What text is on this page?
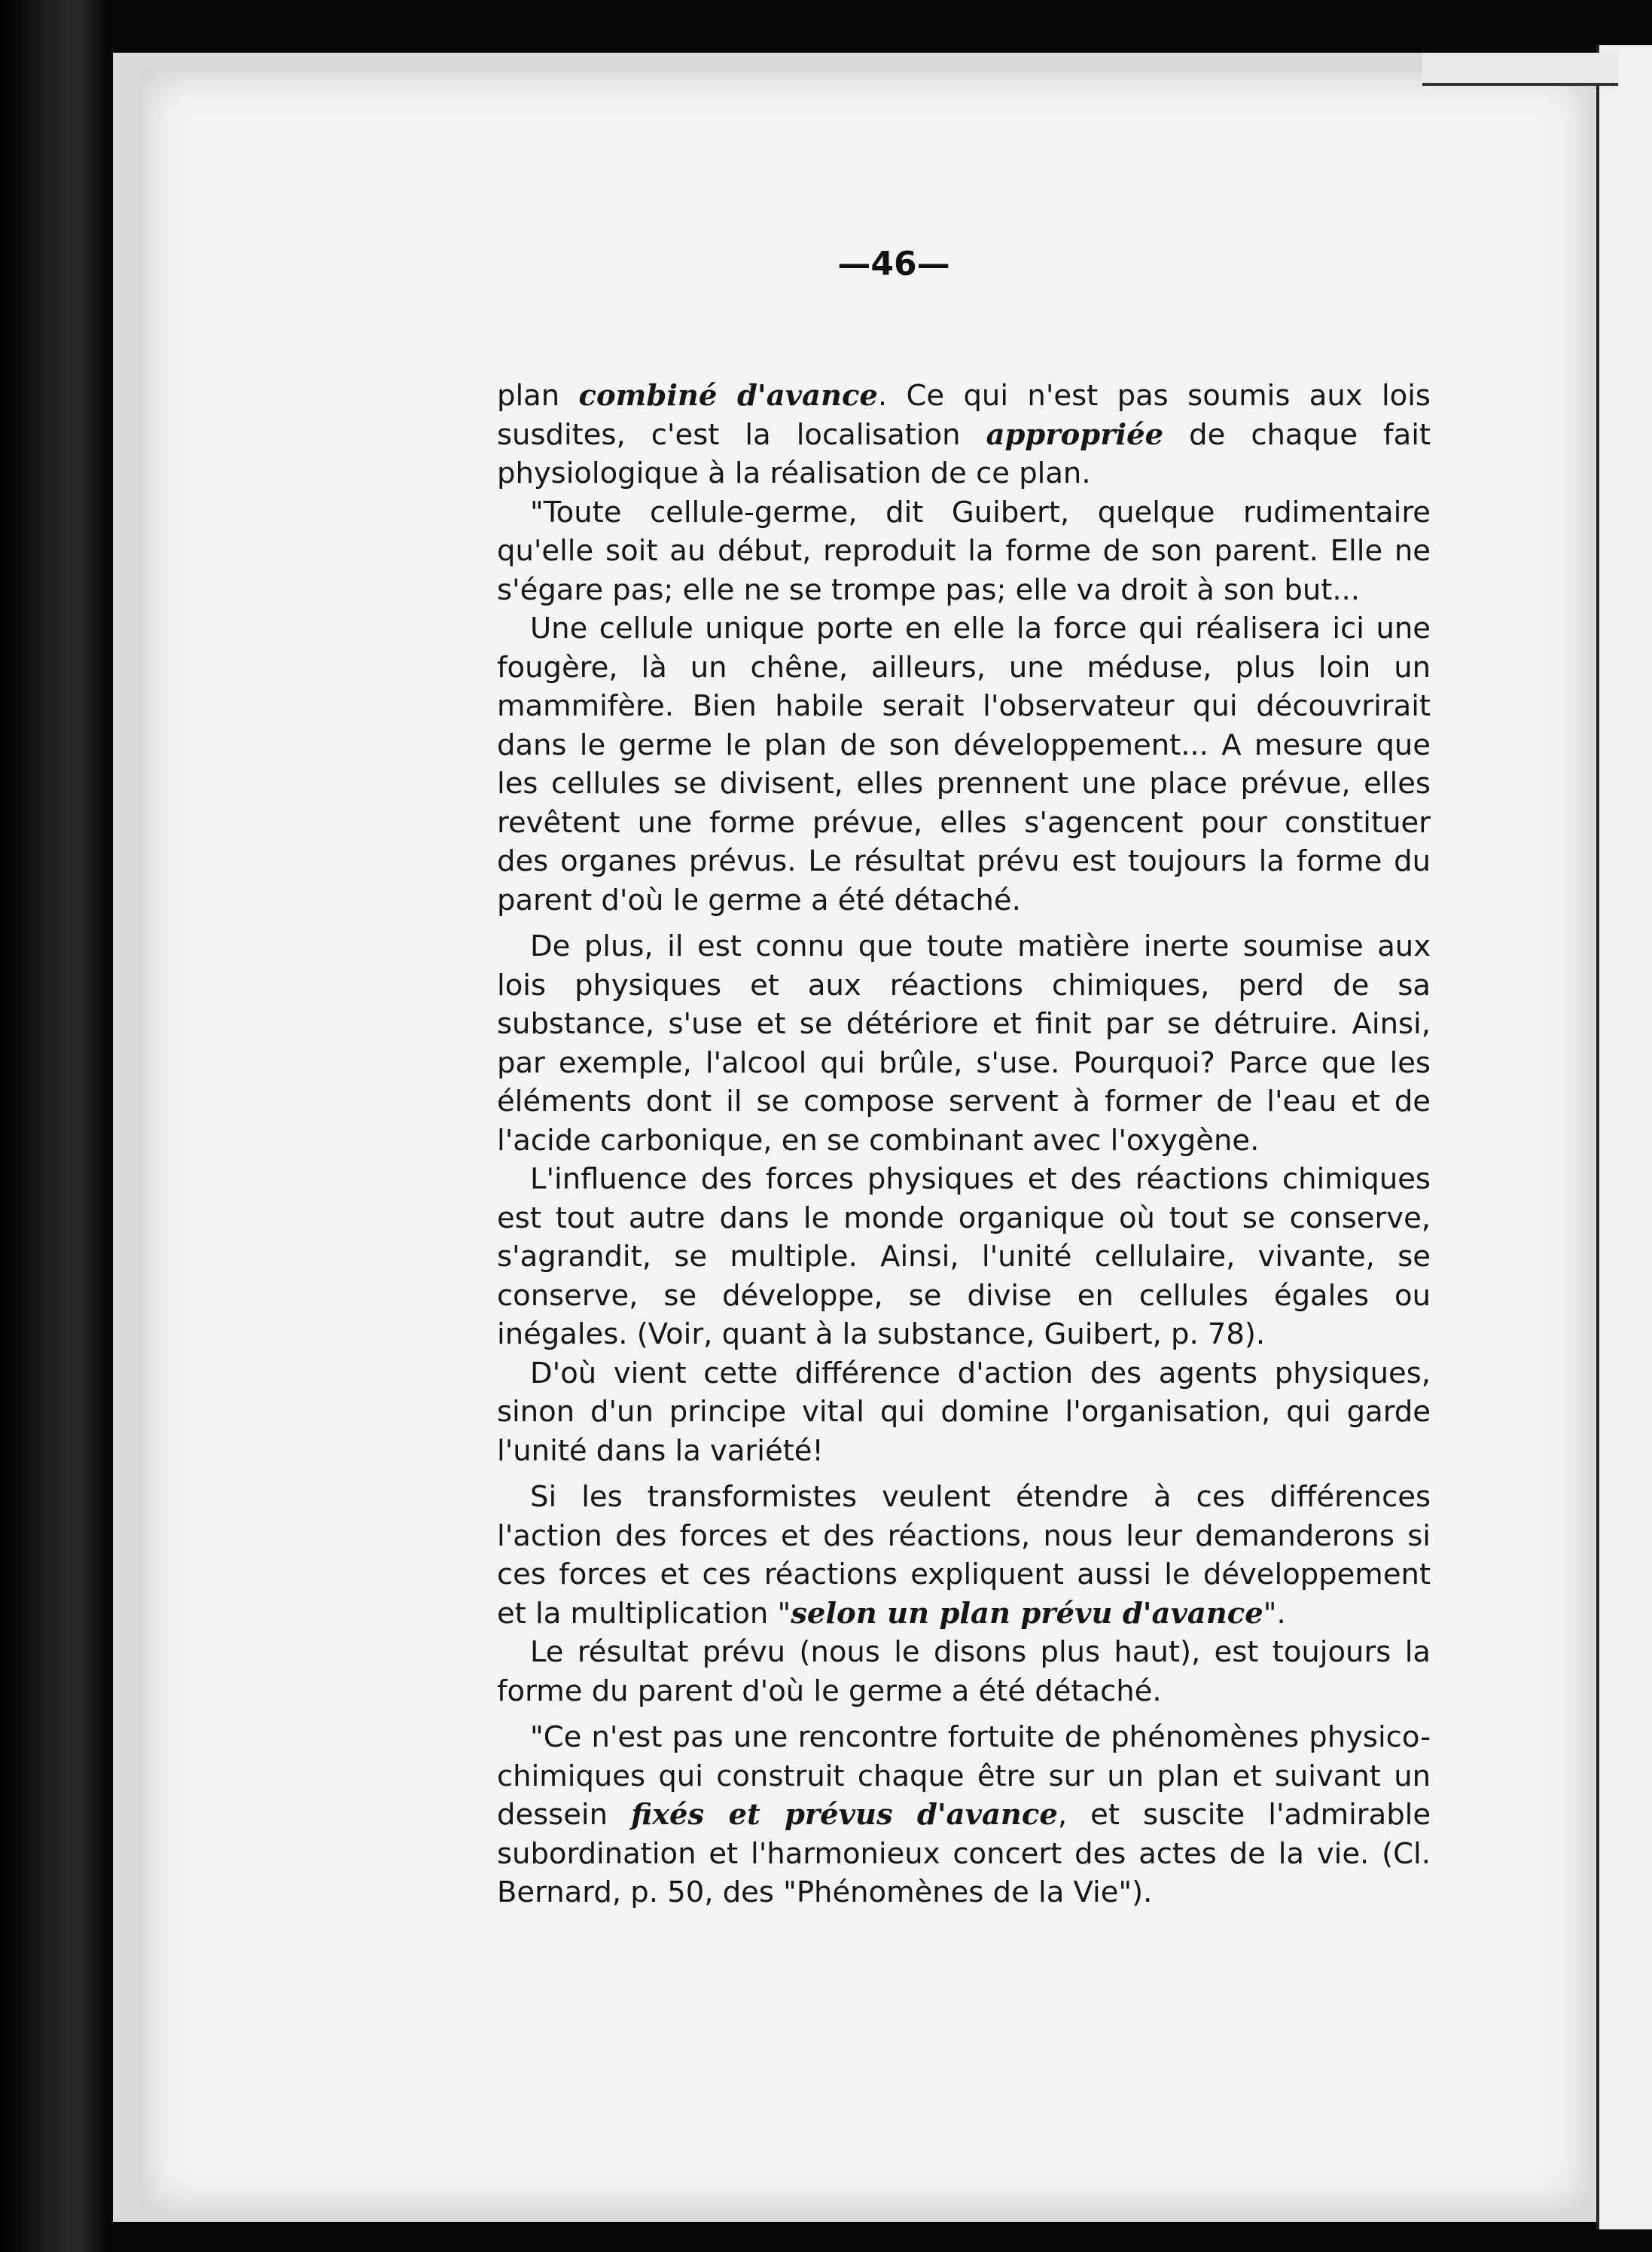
—46—

plan combiné d'avance. Ce qui n'est pas soumis aux lois susdites, c'est la localisation appropriée de chaque fait physiologique à la réalisation de ce plan.

"Toute cellule-germe, dit Guibert, quelque rudimentaire qu'elle soit au début, reproduit la forme de son parent. Elle ne s'égare pas; elle ne se trompe pas; elle va droit à son but...

Une cellule unique porte en elle la force qui réalisera ici une fougère, là un chêne, ailleurs, une méduse, plus loin un mammifère. Bien habile serait l'observateur qui découvrirait dans le germe le plan de son développement... A mesure que les cellules se divisent, elles prennent une place prévue, elles revêtent une forme prévue, elles s'agencent pour constituer des organes prévus. Le résultat prévu est toujours la forme du parent d'où le germe a été détaché.

De plus, il est connu que toute matière inerte soumise aux lois physiques et aux réactions chimiques, perd de sa substance, s'use et se détériore et finit par se détruire. Ainsi, par exemple, l'alcool qui brûle, s'use. Pourquoi? Parce que les éléments dont il se compose servent à former de l'eau et de l'acide carbonique, en se combinant avec l'oxygène.

L'influence des forces physiques et des réactions chimiques est tout autre dans le monde organique où tout se conserve, s'agrandit, se multiple. Ainsi, l'unité cellulaire, vivante, se conserve, se développe, se divise en cellules égales ou inégales. (Voir, quant à la substance, Guibert, p. 78).

D'où vient cette différence d'action des agents physiques, sinon d'un principe vital qui domine l'organisation, qui garde l'unité dans la variété!

Si les transformistes veulent étendre à ces différences l'action des forces et des réactions, nous leur demanderons si ces forces et ces réactions expliquent aussi le développement et la multiplication "selon un plan prévu d'avance".

Le résultat prévu (nous le disons plus haut), est toujours la forme du parent d'où le germe a été détaché.

"Ce n'est pas une rencontre fortuite de phénomènes physico-chimiques qui construit chaque être sur un plan et suivant un dessein fixés et prévus d'avance, et suscite l'admirable subordination et l'harmonieux concert des actes de la vie. (Cl. Bernard, p. 50, des "Phénomènes de la Vie").
